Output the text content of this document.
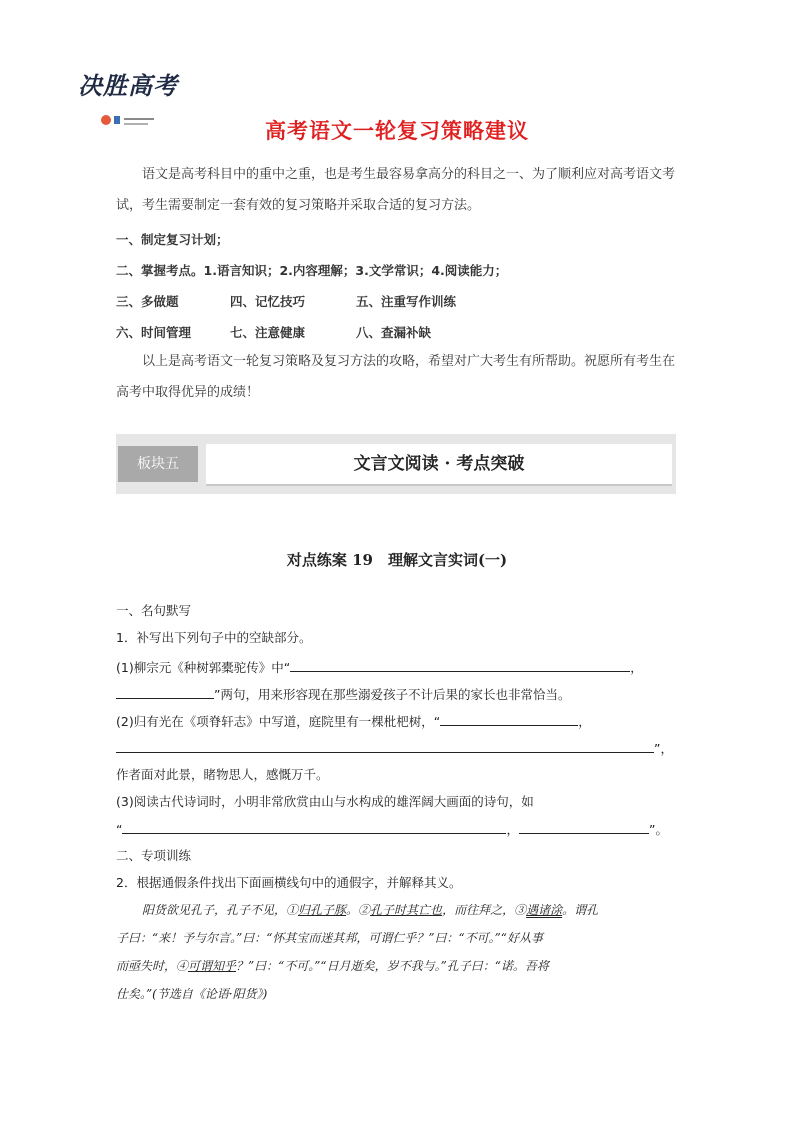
决胜高考
高考语文一轮复习策略建议
语文是高考科目中的重中之重，也是考生最容易拿高分的科目之一、为了顺利应对高考语文考试，考生需要制定一套有效的复习策略并采取合适的复习方法。
一、制定复习计划；
二、掌握考点。1.语言知识；2.内容理解；3.文学常识；4.阅读能力；
三、多做题	四、记忆技巧	五、注重写作训练
六、时间管理	七、注意健康	八、查漏补缺
以上是高考语文一轮复习策略及复习方法的攻略，希望对广大考生有所帮助。祝愿所有考生在高考中取得优异的成绩！
板块五	文言文阅读 · 考点突破
对点练案 19　理解文言实词(一)
一、名句默写
1．补写出下列句子中的空缺部分。
(1)柳宗元《种树郭橐驼传》中“	，
”两句，用来形容现在那些溺爱孩子不计后果的家长也非常恰当。
(2)归有光在《项脊轩志》中写道，庭院里有一棵枇杷树，“	，
”，
作者面对此景，睹物思人，感慨万千。
(3)阅读古代诗词时，小明非常欣赏由山与水构成的雄浑阔大画面的诗句，如
“	，	”。
二、专项训练
2．根据通假条件找出下面画横线句中的通假字，并解释其义。
阳货欲见孔子，孔子不见，①归孔子豚。②孔子时其亡也，而往拜之，③遇诸涂。谓孔
子曰：“来！予与尔言。”曰：“怀其宝而迷其邦，可谓仁乎？”曰：“不可。”“好从事
而亟失时，④可谓知乎？”曰：“不可。”“日月逝矣，岁不我与。”孔子曰：“诺。吾将
仕矣。”(节选自《论语·阳货》)
